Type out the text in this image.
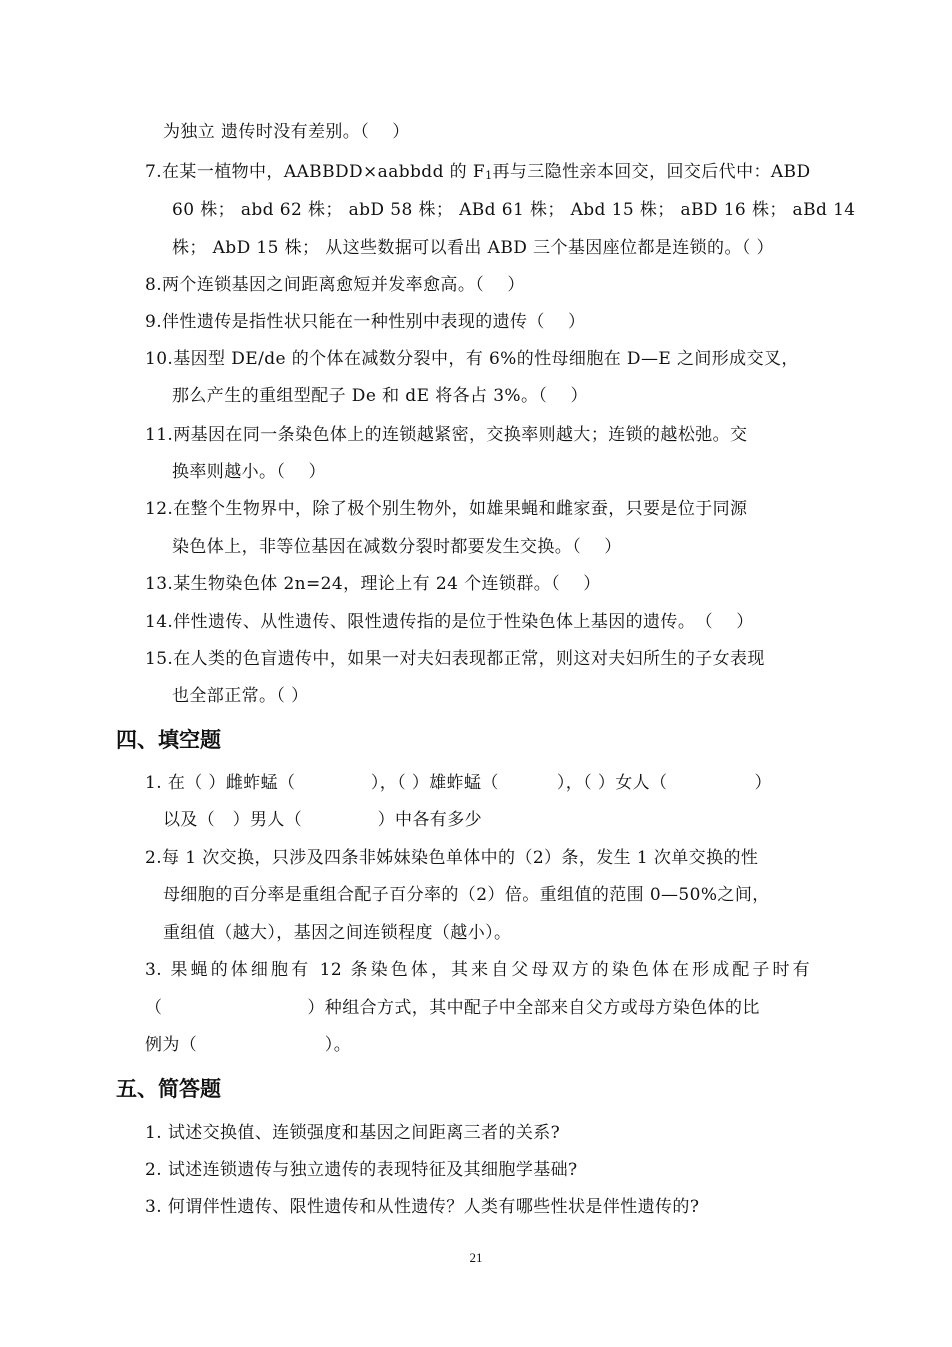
为独立 遗传时没有差别。（　 ）
7.在某一植物中，AABBDD×aabbdd 的 $F_1$再与三隐性亲本回交，回交后代中：ABD
60 株； abd 62 株； abD 58 株； ABd 61 株； Abd 15 株； aBD 16 株； aBd 14
株； AbD 15 株； 从这些数据可以看出 ABD 三个基因座位都是连锁的。（ ）
8.两个连锁基因之间距离愈短并发率愈高。（　 ）
9.伴性遗传是指性状只能在一种性别中表现的遗传（　 ）
10.基因型 DE/de 的个体在减数分裂中，有 6%的性母细胞在 D—E 之间形成交叉，
那么产生的重组型配子 De 和 dE 将各占 3%。（　 ）
11.两基因在同一条染色体上的连锁越紧密，交换率则越大；连锁的越松弛。交
换率则越小。（　 ）
12.在整个生物界中，除了极个别生物外，如雄果蝇和雌家蚕，只要是位于同源
染色体上，非等位基因在减数分裂时都要发生交换。（　 ）
13.某生物染色体 2n=24，理论上有 24 个连锁群。（　 ）
14.伴性遗传、从性遗传、限性遗传指的是位于性染色体上基因的遗传。　（　 ）
15.在人类的色盲遗传中，如果一对夫妇表现都正常，则这对夫妇所生的子女表现
也全部正常。（ ）
四、填空题
1. 在（ ）雌蚱蜢（　　　　 ），（ ）雄蚱蜢（　　　 ），（ ）女人（　　　　　）
以及（　）男人（　　　　 ）中各有多少
2.每 1 次交换，只涉及四条非姊妹染色单体中的（2）条，发生 1 次单交换的性
母细胞的百分率是重组合配子百分率的（2）倍。重组值的范围 0—50%之间，
重组值（越大），基因之间连锁程度（越小）。
3. 果蝇的体细胞有 12 条染色体，其来自父母双方的染色体在形成配子时有
（　　　　　　　　 ）种组合方式，其中配子中全部来自父方或母方染色体的比
例为（　　　　　　　 ）。
五、简答题
1. 试述交换值、连锁强度和基因之间距离三者的关系?
2. 试述连锁遗传与独立遗传的表现特征及其细胞学基础?
3. 何谓伴性遗传、限性遗传和从性遗传？人类有哪些性状是伴性遗传的?
21
